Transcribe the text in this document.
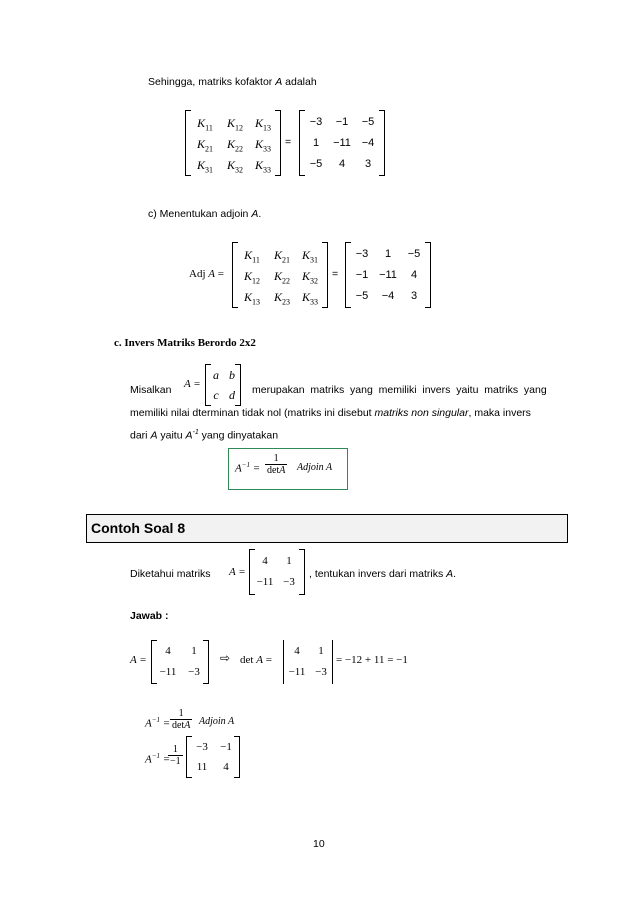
Sehingga, matriks kofaktor A adalah
$K_{11}$	$K_{12}$ $K_{13}$
$K_{21}$	$K_{22}$ $K_{33}$
$K_{31}$	$K_{32}$ $K_{33}$
=
−3	−1	−5
1	−11 −4
−5	4	3
c) Menentukan adjoin A.
Adj A =
$K_{11}$	$K_{21}$ $K_{31}$
$K_{12}$	$K_{22}$ $K_{32}$
$K_{13}$	$K_{23}$ $K_{33}$
=
−3	1	−5
−1 −11	4
−5	−4	3
c. Invers Matriks Berordo 2x2
Misalkan A =
a b
c d	merupakan  matriks  yang  memiliki  invers  yaitu  matriks  yang
memiliki nilai dterminan tidak nol (matriks ini disebut matriks non singular, maka invers
dari A yaitu $A^{-1}$ yang dinyatakan
$A^{-1}$ =
1
detA Adjoin A
Contoh Soal 8
Diketahui matriks A =
4	1
−11 −3
, tentukan invers dari matriks A.
Jawab :
A =
4	1
−11	−3
⇨ det A =
4	1
−11 −3
= −12 + 11 = −1
$A^{-1}$ =
1
detA Adjoin A
$A^{-1}$ =
1
−1
−3	−1
11	4
10
